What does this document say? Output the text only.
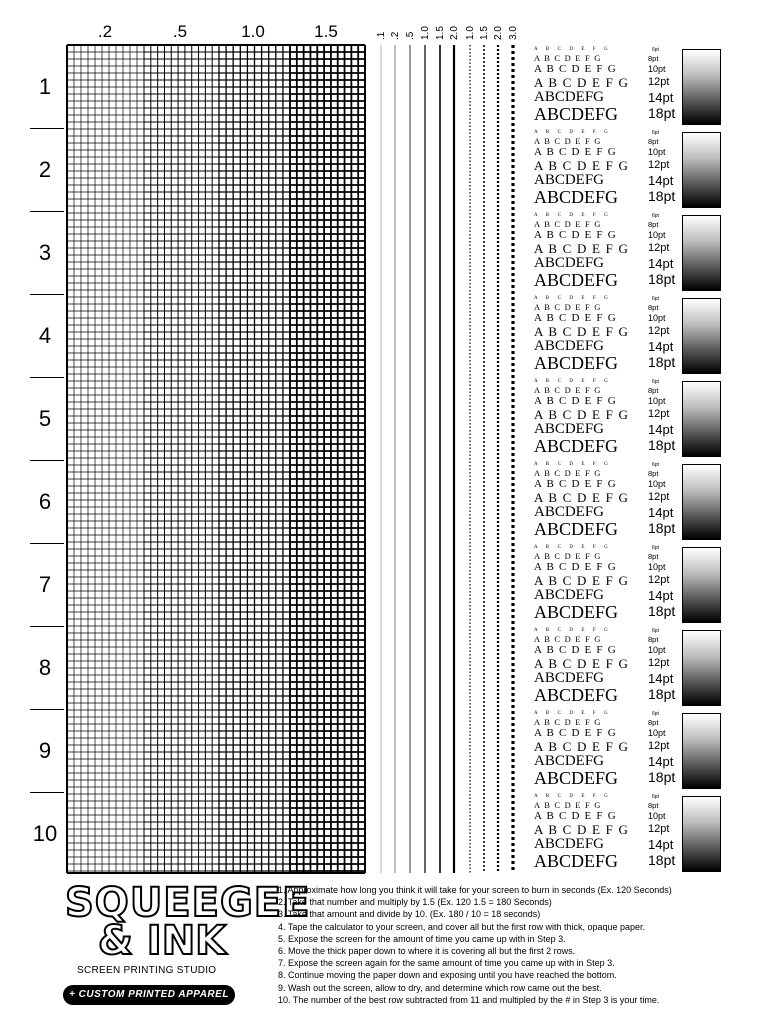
.2	.5	1.0	1.5	.1 .2 .5 1.0 1.5 2.0 1.0 1.5 2.0 3.0
1
2
3
4
5
6
7
8
9
10
A B C D E F G	6pt
A B C D E F G	8pt
A B C D E F G	10pt
A B C D E F G 12pt
ABCDEFG	14pt
ABCDEFG 18pt
A B C D E F G	6pt
A B C D E F G	8pt
A B C D E F G	10pt
A B C D E F G 12pt
ABCDEFG	14pt
ABCDEFG 18pt
A B C D E F G	6pt
A B C D E F G	8pt
A B C D E F G	10pt
A B C D E F G 12pt
ABCDEFG	14pt
ABCDEFG 18pt
A B C D E F G	6pt
A B C D E F G	8pt
A B C D E F G	10pt
A B C D E F G 12pt
ABCDEFG	14pt
ABCDEFG 18pt
A B C D E F G	6pt
A B C D E F G	8pt
A B C D E F G	10pt
A B C D E F G 12pt
ABCDEFG	14pt
ABCDEFG 18pt
A B C D E F G	6pt
A B C D E F G	8pt
A B C D E F G	10pt
A B C D E F G 12pt
ABCDEFG	14pt
ABCDEFG 18pt
A B C D E F G	6pt
A B C D E F G	8pt
A B C D E F G	10pt
A B C D E F G 12pt
ABCDEFG	14pt
ABCDEFG 18pt
A B C D E F G	6pt
A B C D E F G	8pt
A B C D E F G	10pt
A B C D E F G 12pt
ABCDEFG	14pt
ABCDEFG 18pt
A B C D E F G	6pt
A B C D E F G	8pt
A B C D E F G	10pt
A B C D E F G 12pt
ABCDEFG	14pt
ABCDEFG 18pt
A B C D E F G	6pt
A B C D E F G	8pt
A B C D E F G	10pt
A B C D E F G 12pt
ABCDEFG	14pt
ABCDEFG 18pt
SQUEEGEE
& INK
SCREEN PRINTING STUDIO
+ CUSTOM PRINTED APPAREL
1. Approximate how long you think it will take for your screen to burn in seconds (Ex. 120 Seconds)
2. Take that number and multiply by 1.5 (Ex. 120 1.5 = 180 Seconds)
3. Take that amount and divide by 10. (Ex. 180 / 10 = 18 seconds)
4. Tape the calculator to your screen, and cover all but the first row with thick, opaque paper.
5. Expose the screen for the amount of time you came up with in Step 3.
6. Move the thick paper down to where it is covering all but the first 2 rows.
7. Expose the screen again for the same amount of time you came up with in Step 3.
8. Continue moving the paper down and exposing until you have reached the bottom.
9. Wash out the screen, allow to dry, and determine which row came out the best.
10. The number of the best row subtracted from 11 and multipled by the # in Step 3 is your time.
